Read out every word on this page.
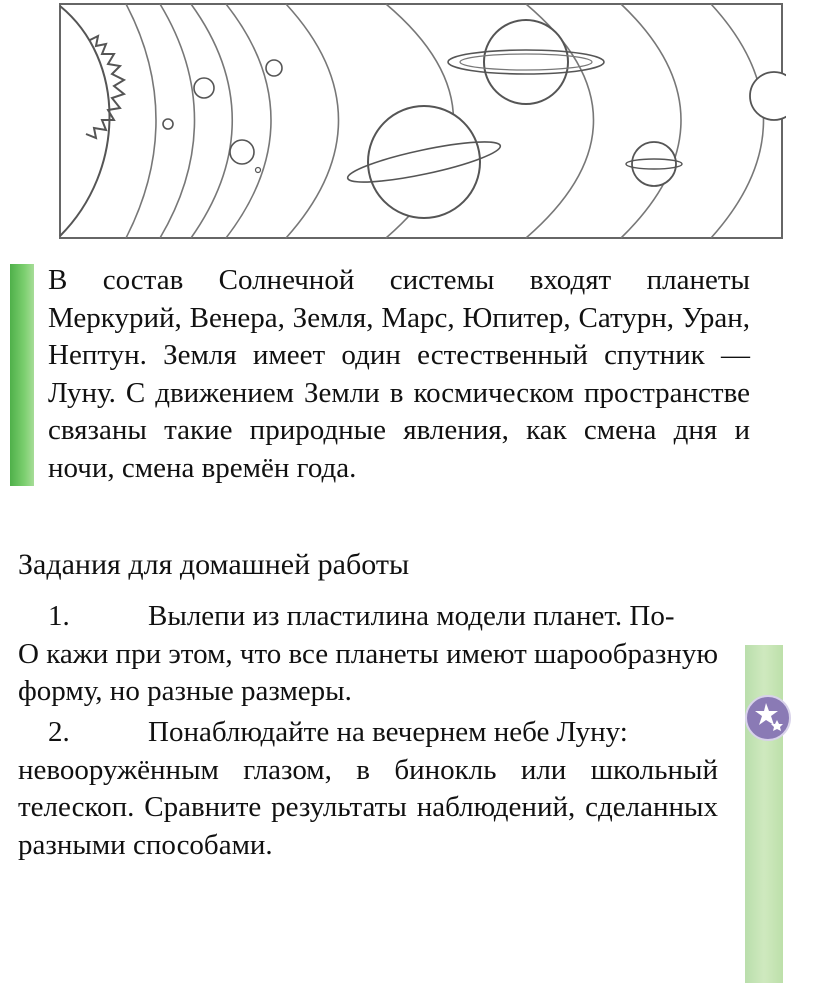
В состав Солнечной системы входят планеты Меркурий, Венера, Земля, Марс, Юпитер, Сатурн, Уран, Нептун. Земля имеет один естественный спутник — Луну. С движением Земли в космическом пространстве связаны такие природные явления, как смена дня и ночи, смена времён года.

Задания для домашней работы

1.	Вылепи из пластилина модели планет. По-
О кажи при этом, что все планеты имеют шарообразную форму, но разные размеры.

2.	Понаблюдайте на вечернем небе Луну:
невооружённым глазом, в бинокль или школьный телескоп. Сравните результаты наблюдений, сделанных разными способами.
